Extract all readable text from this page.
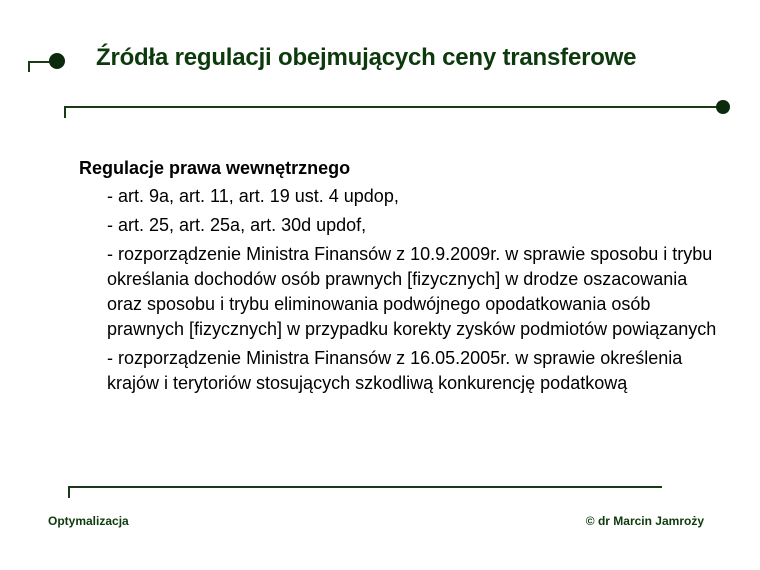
Źródła regulacji obejmujących ceny transferowe
Regulacje prawa wewnętrznego
- art. 9a, art. 11, art. 19 ust. 4 updop,
- art. 25, art. 25a, art. 30d updof,
- rozporządzenie Ministra Finansów z 10.9.2009r. w sprawie sposobu i trybu określania dochodów osób prawnych [fizycznych] w drodze oszacowania oraz sposobu i trybu eliminowania podwójnego opodatkowania osób prawnych [fizycznych] w przypadku korekty zysków podmiotów powiązanych
- rozporządzenie Ministra Finansów z 16.05.2005r. w sprawie określenia krajów i terytoriów stosujących szkodliwą konkurencję podatkową
Optymalizacja	© dr Marcin Jamroży
